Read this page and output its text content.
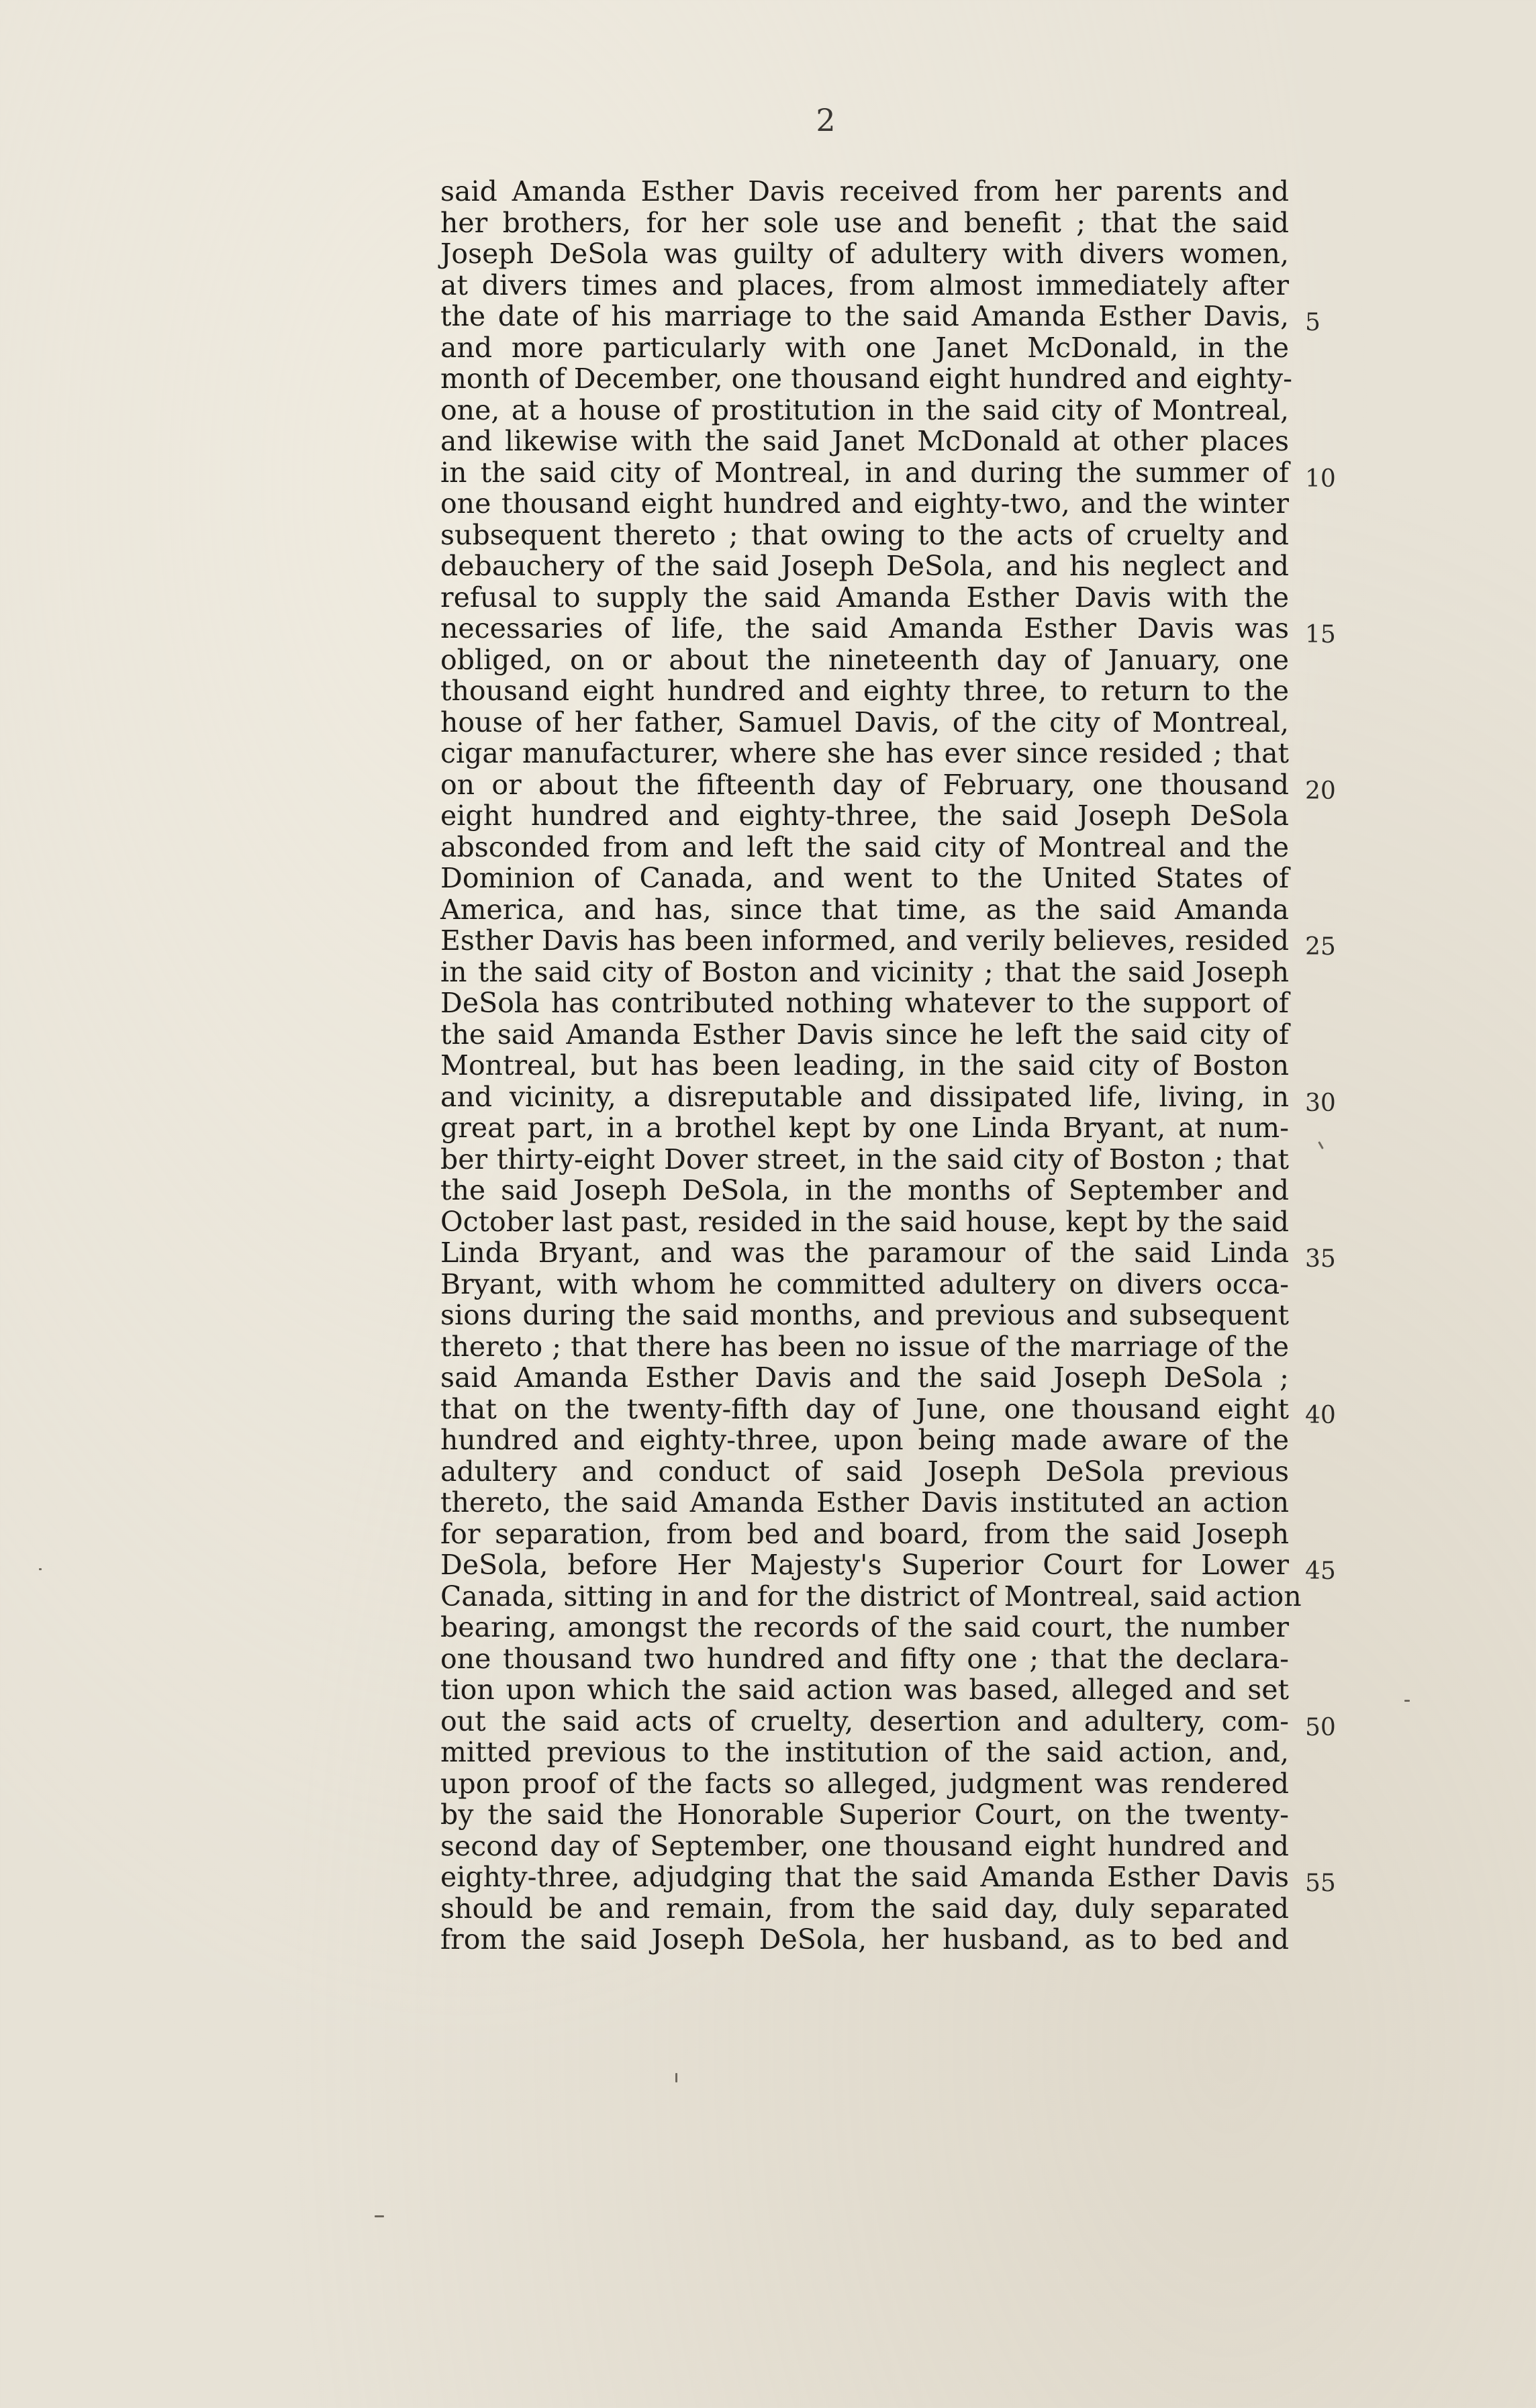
2
said Amanda Esther Davis received from her parents and
her brothers, for her sole use and benefit ; that the said
Joseph DeSola was guilty of adultery with divers women,
at divers times and places, from almost immediately after
the date of his marriage to the said Amanda Esther Davis,
and more particularly with one Janet McDonald, in the
month of December, one thousand eight hundred and eighty-
one, at a house of prostitution in the said city of Montreal,
and likewise with the said Janet McDonald at other places
in the said city of Montreal, in and during the summer of
one thousand eight hundred and eighty-two, and the winter
subsequent thereto ; that owing to the acts of cruelty and
debauchery of the said Joseph DeSola, and his neglect and
refusal to supply the said Amanda Esther Davis with the
necessaries of life, the said Amanda Esther Davis was
obliged, on or about the nineteenth day of January, one
thousand eight hundred and eighty three, to return to the
house of her father, Samuel Davis, of the city of Montreal,
cigar manufacturer, where she has ever since resided ; that
on or about the fifteenth day of February, one thousand
eight hundred and eighty-three, the said Joseph DeSola
absconded from and left the said city of Montreal and the
Dominion of Canada, and went to the United States of
America, and has, since that time, as the said Amanda
Esther Davis has been informed, and verily believes, resided
in the said city of Boston and vicinity ; that the said Joseph
DeSola has contributed nothing whatever to the support of
the said Amanda Esther Davis since he left the said city of
Montreal, but has been leading, in the said city of Boston
and vicinity, a disreputable and dissipated life, living, in
great part, in a brothel kept by one Linda Bryant, at num-
ber thirty-eight Dover street, in the said city of Boston ; that
the said Joseph DeSola, in the months of September and
October last past, resided in the said house, kept by the said
Linda Bryant, and was the paramour of the said Linda
Bryant, with whom he committed adultery on divers occa-
sions during the said months, and previous and subsequent
thereto ; that there has been no issue of the marriage of the
said Amanda Esther Davis and the said Joseph DeSola ;
that on the twenty-fifth day of June, one thousand eight
hundred and eighty-three, upon being made aware of the
adultery and conduct of said Joseph DeSola previous
thereto, the said Amanda Esther Davis instituted an action
for separation, from bed and board, from the said Joseph
DeSola, before Her Majesty's Superior Court for Lower
Canada, sitting in and for the district of Montreal, said action
bearing, amongst the records of the said court, the number
one thousand two hundred and fifty one ; that the declara-
tion upon which the said action was based, alleged and set
out the said acts of cruelty, desertion and adultery, com-
mitted previous to the institution of the said action, and,
upon proof of the facts so alleged, judgment was rendered
by the said the Honorable Superior Court, on the twenty-
second day of September, one thousand eight hundred and
eighty-three, adjudging that the said Amanda Esther Davis
should be and remain, from the said day, duly separated
from the said Joseph DeSola, her husband, as to bed and
5
10
15
20
25
30
35
40
45
50
55
